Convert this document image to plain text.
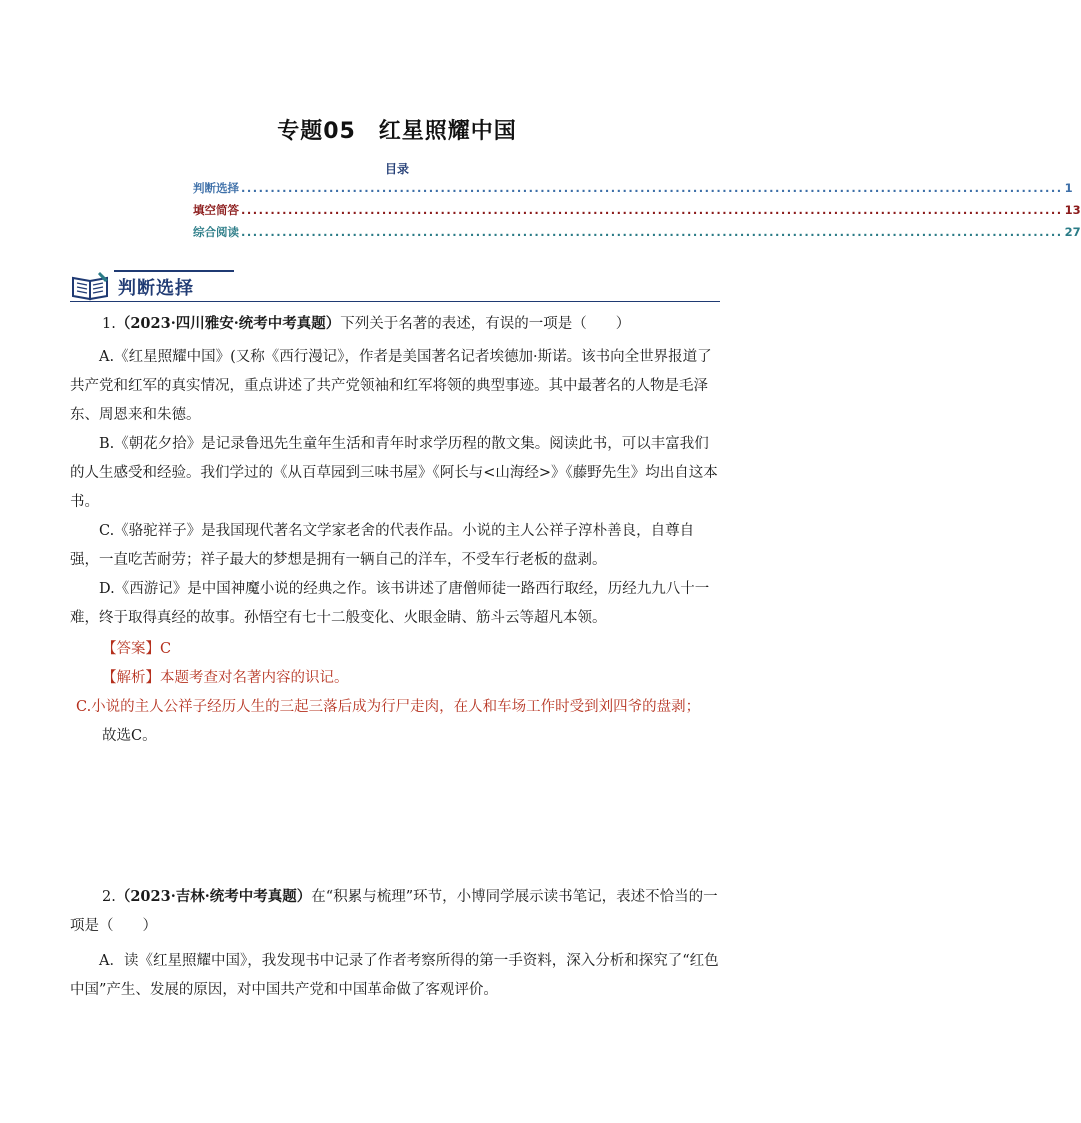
专题05　红星照耀中国
目录
判断选择 ............................................................................................................................................ 1
填空简答 ............................................................................................................................................ 13
综合阅读 ............................................................................................................................................ 27
判断选择

1.（2023·四川雅安·统考中考真题）下列关于名著的表述，有误的一项是（　　）

A.《红星照耀中国》(又称《西行漫记》，作者是美国著名记者埃德加·斯诺。该书向全世界报道了共产党和红军的真实情况，重点讲述了共产党领袖和红军将领的典型事迹。其中最著名的人物是毛泽东、周恩来和朱德。

B.《朝花夕拾》是记录鲁迅先生童年生活和青年时求学历程的散文集。阅读此书，可以丰富我们的人生感受和经验。我们学过的《从百草园到三味书屋》《阿长与<山海经>》《藤野先生》均出自这本书。

C.《骆驼祥子》是我国现代著名文学家老舍的代表作品。小说的主人公祥子淳朴善良，自尊自强，一直吃苦耐劳；祥子最大的梦想是拥有一辆自己的洋车，不受车行老板的盘剥。

D.《西游记》是中国神魔小说的经典之作。该书讲述了唐僧师徒一路西行取经，历经九九八十一难，终于取得真经的故事。孙悟空有七十二般变化、火眼金睛、筋斗云等超凡本领。

【答案】C

【解析】本题考查对名著内容的识记。

C.小说的主人公祥子经历人生的三起三落后成为行尸走肉，在人和车场工作时受到刘四爷的盘剥；

故选C。

2.（2023·吉林·统考中考真题）在“积累与梳理”环节，小博同学展示读书笔记，表述不恰当的一项是（　　）

A．读《红星照耀中国》，我发现书中记录了作者考察所得的第一手资料，深入分析和探究了“红色中国”产生、发展的原因，对中国共产党和中国革命做了客观评价。
